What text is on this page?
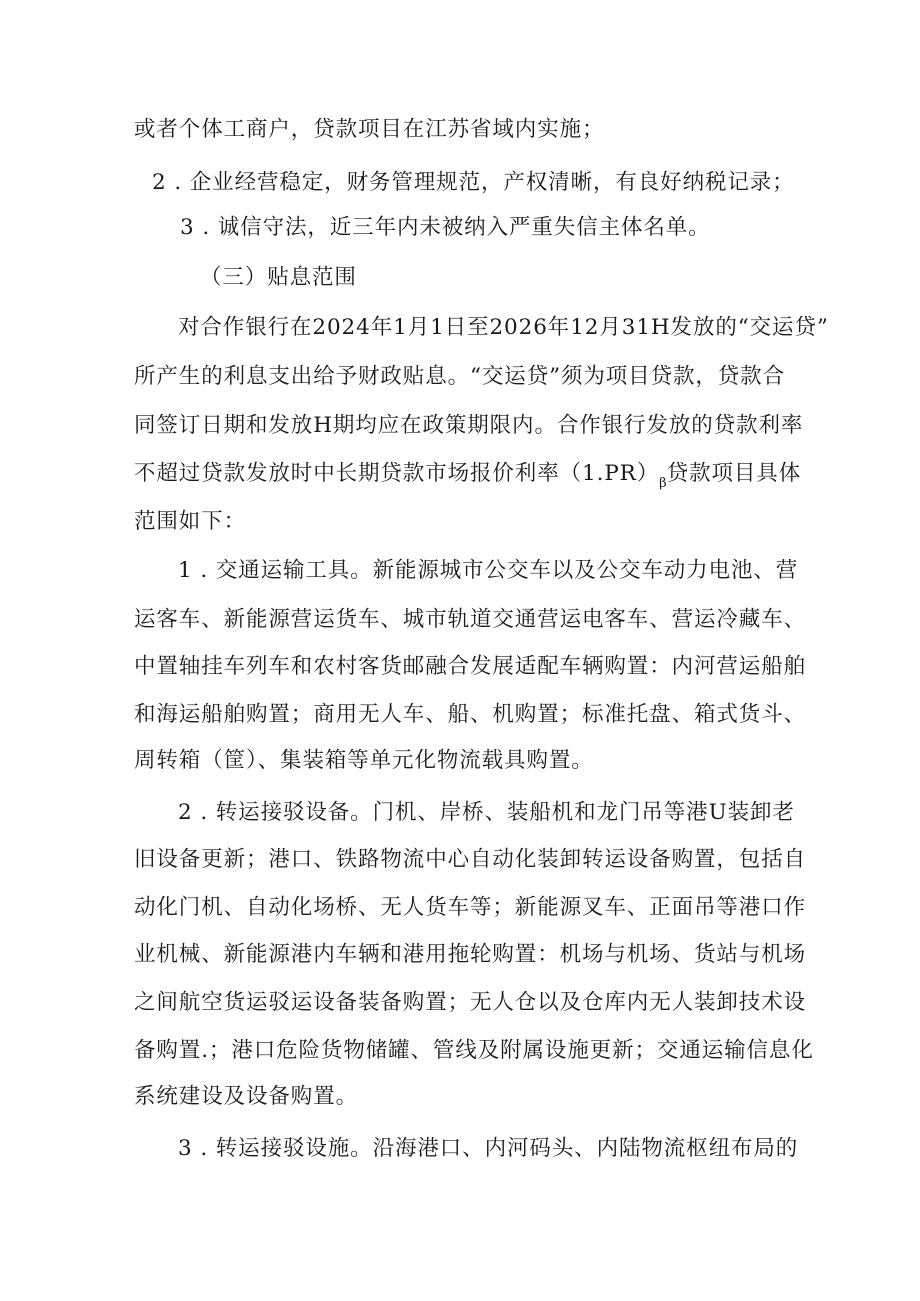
或者个体工商户，贷款项目在江苏省域内实施；
2 . 企业经营稳定，财务管理规范，产权清晰，有良好纳税记录；
3 . 诚信守法，近三年内未被纳入严重失信主体名单。
（三）贴息范围
对合作银行在2024年1月1日至2026年12月31H发放的“交运贷”
所产生的利息支出给予财政贴息。“交运贷”须为项目贷款，贷款合
同签订日期和发放H期均应在政策期限内。合作银行发放的贷款利率
不超过贷款发放时中长期贷款市场报价利率$(1.PR)_\beta$贷款项目具体
范围如下：
1 . 交通运输工具。新能源城市公交车以及公交车动力电池、营
运客车、新能源营运货车、城市轨道交通营运电客车、营运冷藏车、
中置轴挂车列车和农村客货邮融合发展适配车辆购置：内河营运船舶
和海运船舶购置；商用无人车、船、机购置；标准托盘、箱式货斗、
周转箱（筐）、集装箱等单元化物流载具购置。
2 . 转运接驳设备。门机、岸桥、装船机和龙门吊等港U装卸老
旧设备更新；港口、铁路物流中心自动化装卸转运设备购置，包括自
动化门机、自动化场桥、无人货车等；新能源叉车、正面吊等港口作
业机械、新能源港内车辆和港用拖轮购置：机场与机场、货站与机场
之间航空货运驳运设备装备购置；无人仓以及仓库内无人装卸技术设
备购置.；港口危险货物储罐、管线及附属设施更新；交通运输信息化
系统建设及设备购置。
3 . 转运接驳设施。沿海港口、内河码头、内陆物流枢纽布局的
